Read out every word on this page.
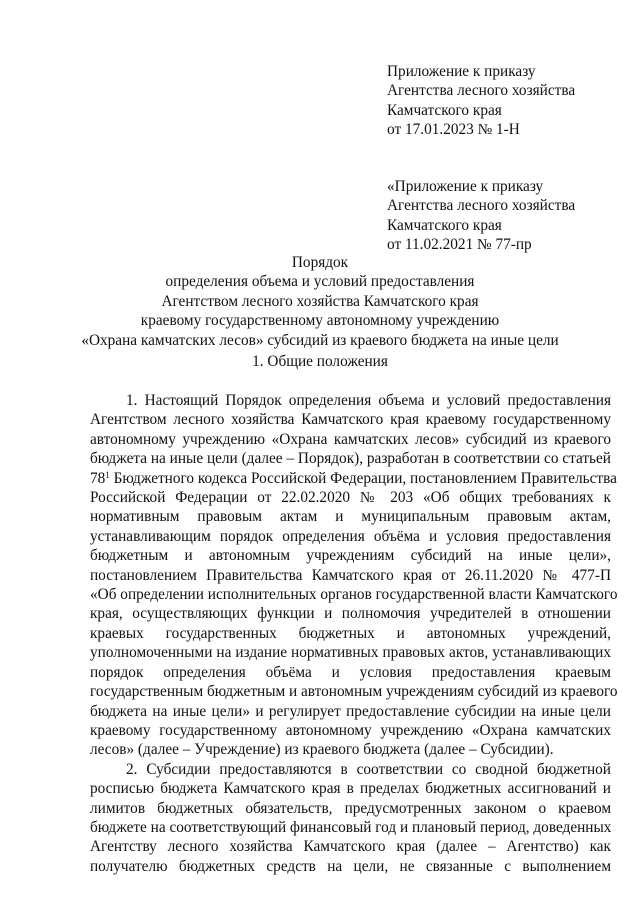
Приложение к приказу
Агентства лесного хозяйства
Камчатского края
от 17.01.2023 № 1-Н
«Приложение к приказу
Агентства лесного хозяйства
Камчатского края
от 11.02.2021 № 77-пр
Порядок
определения объема и условий предоставления
Агентством лесного хозяйства Камчатского края
краевому государственному автономному учреждению
«Охрана камчатских лесов» субсидий из краевого бюджета на иные цели
1. Общие положения
1. Настоящий Порядок определения объема и условий предоставления
Агентством лесного хозяйства Камчатского края краевому государственному
автономному учреждению «Охрана камчатских лесов» субсидий из краевого
бюджета на иные цели (далее – Порядок), разработан в соответствии со статьей
$78^1$ Бюджетного кодекса Российской Федерации, постановлением Правительства
Российской Федерации от 22.02.2020 № 203 «Об общих требованиях к
нормативным правовым актам и муниципальным правовым актам,
устанавливающим порядок определения объёма и условия предоставления
бюджетным и автономным учреждениям субсидий на иные цели»,
постановлением Правительства Камчатского края от 26.11.2020 № 477-П
«Об определении исполнительных органов государственной власти Камчатского
края, осуществляющих функции и полномочия учредителей в отношении
краевых государственных бюджетных и автономных учреждений,
уполномоченными на издание нормативных правовых актов, устанавливающих
порядок определения объёма и условия предоставления краевым
государственным бюджетным и автономным учреждениям субсидий из краевого
бюджета на иные цели» и регулирует предоставление субсидии на иные цели
краевому государственному автономному учреждению «Охрана камчатских
лесов» (далее – Учреждение) из краевого бюджета (далее – Субсидии).
2. Субсидии предоставляются в соответствии со сводной бюджетной
росписью бюджета Камчатского края в пределах бюджетных ассигнований и
лимитов бюджетных обязательств, предусмотренных законом о краевом
бюджете на соответствующий финансовый год и плановый период, доведенных
Агентству лесного хозяйства Камчатского края (далее – Агентство) как
получателю бюджетных средств на цели, не связанные с выполнением
